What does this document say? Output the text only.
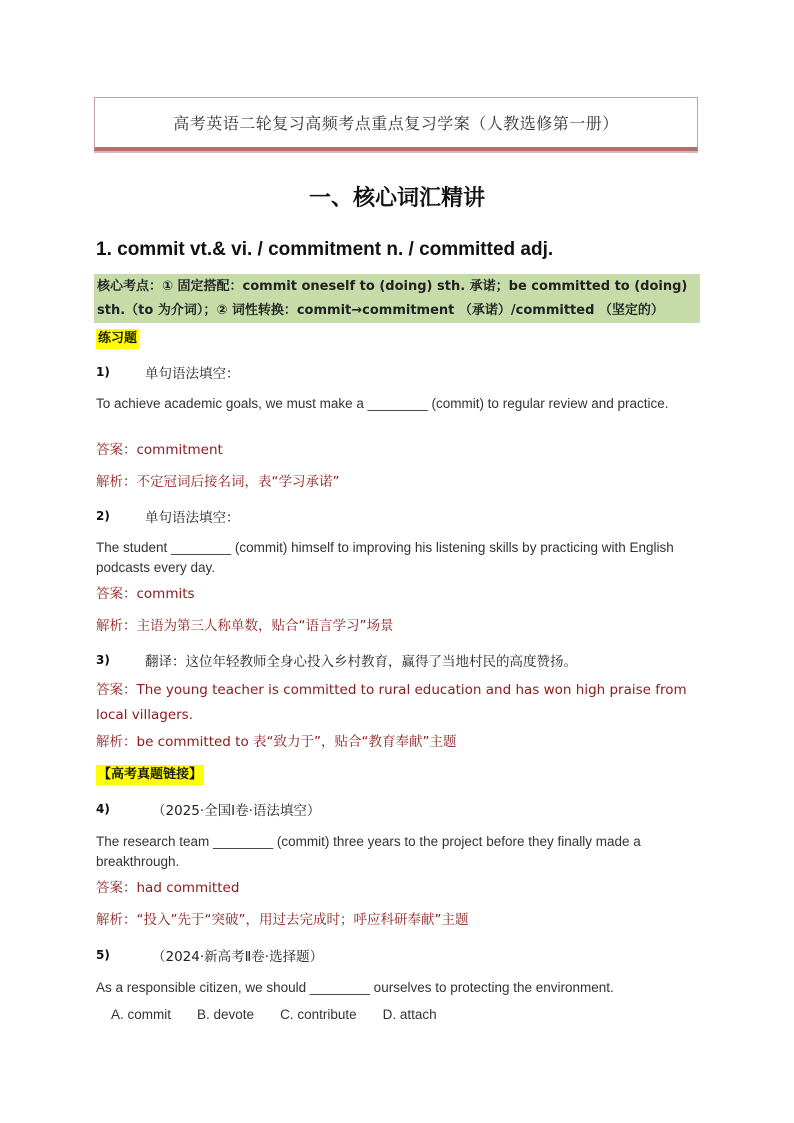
高考英语二轮复习高频考点重点复习学案（人教选修第一册）
一、核心词汇精讲
1. commit vt.& vi. / commitment n. / committed adj.
核心考点：① 固定搭配：commit oneself to (doing) sth. 承诺；be committed to (doing)
sth.（to 为介词）；② 词性转换：commit→commitment （承诺）/committed （坚定的）
练习题
1)	单句语法填空：
To achieve academic goals, we must make a ________ (commit) to regular review and practice.
答案：commitment
解析：不定冠词后接名词，表“学习承诺”
2)	单句语法填空：
The student ________ (commit) himself to improving his listening skills by practicing with English podcasts every day.
答案：commits
解析：主语为第三人称单数，贴合“语言学习”场景
3)	翻译：这位年轻教师全身心投入乡村教育，赢得了当地村民的高度赞扬。
答案：The young teacher is committed to rural education and has won high praise from local villagers.
解析：be committed to 表“致力于”，贴合“教育奉献”主题
【高考真题链接】
4)	（2025·全国Ⅰ卷·语法填空）
The research team ________ (commit) three years to the project before they finally made a breakthrough.
答案：had committed
解析：“投入”先于“突破”，用过去完成时；呼应科研奉献”主题
5)	（2024·新高考Ⅱ卷·选择题）
As a responsible citizen, we should ________ ourselves to protecting the environment.
A. commit B. devote C. contribute D. attach
